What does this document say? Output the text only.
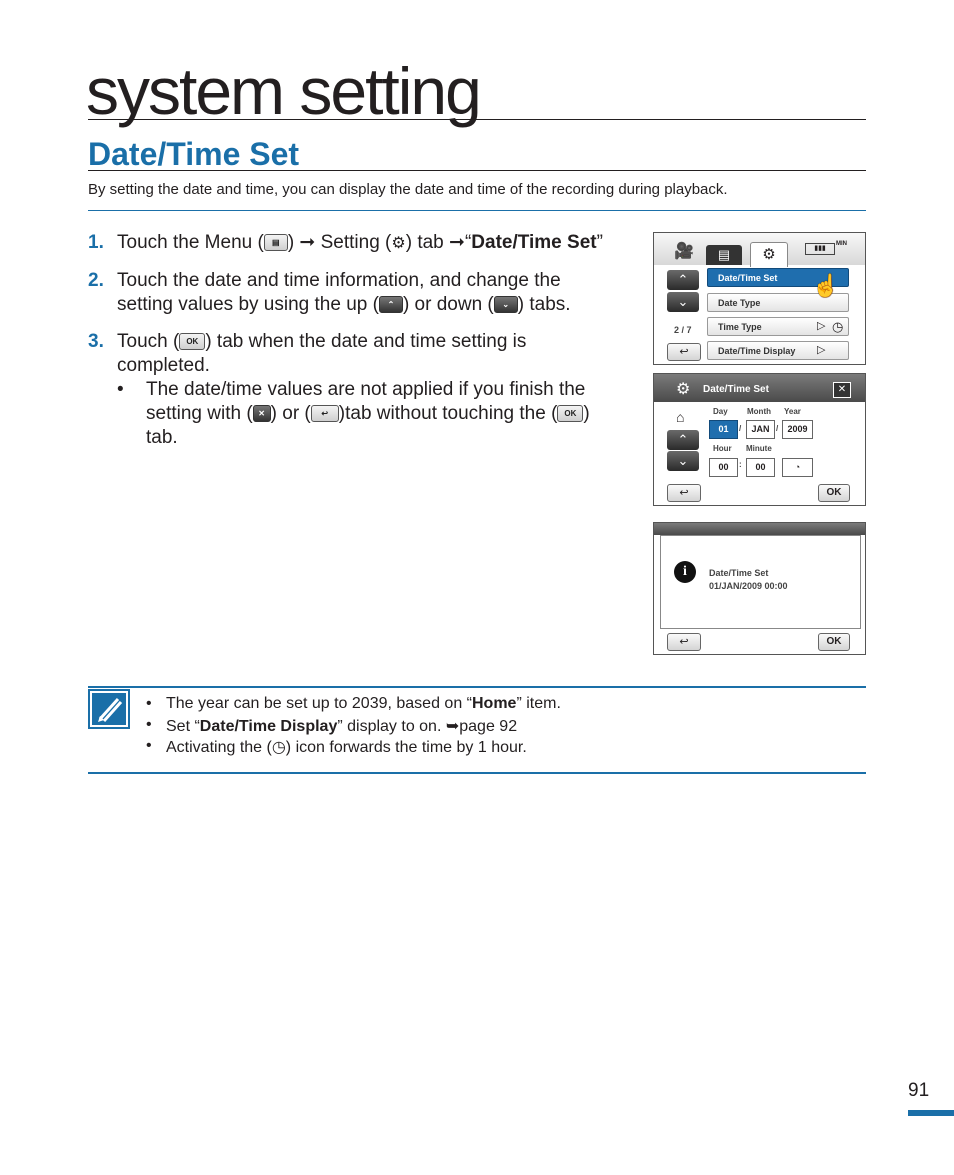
system setting
Date/Time Set
By setting the date and time, you can display the date and time of the recording during playback.
1. Touch the Menu ( ▤ ) ➞ Setting (⚙) tab ➞“Date/Time Set”
2. Touch the date and time information, and change the setting values by using the up ( ⌃ ) or down ( ⌄ ) tabs.
3. Touch ( OK ) tab when the date and time setting is completed.
• The date/time values are not applied if you finish the setting with ( ✕ ) or ( ↩ )tab without touching the ( OK ) tab.
🎥	▤	⚙	▮▮▮
MIN
⌃
⌄
2 / 7
↩
Date/Time Set
Date Type
Time Type
Date/Time Display
▷
▷
◷
☝
⚙ Date/Time Set	✕
⌂	Day Month Year
01	/	JAN /	2009
⌃
⌄
Hour Minute
00	:	00	◔
↩	OK
i	Date/Time Set
01/JAN/2009 00:00
↩	OK
• The year can be set up to 2039, based on “Home” item.
• Set “Date/Time Display” display to on. ➥page 92
• Activating the (◷) icon forwards the time by 1 hour.
91
